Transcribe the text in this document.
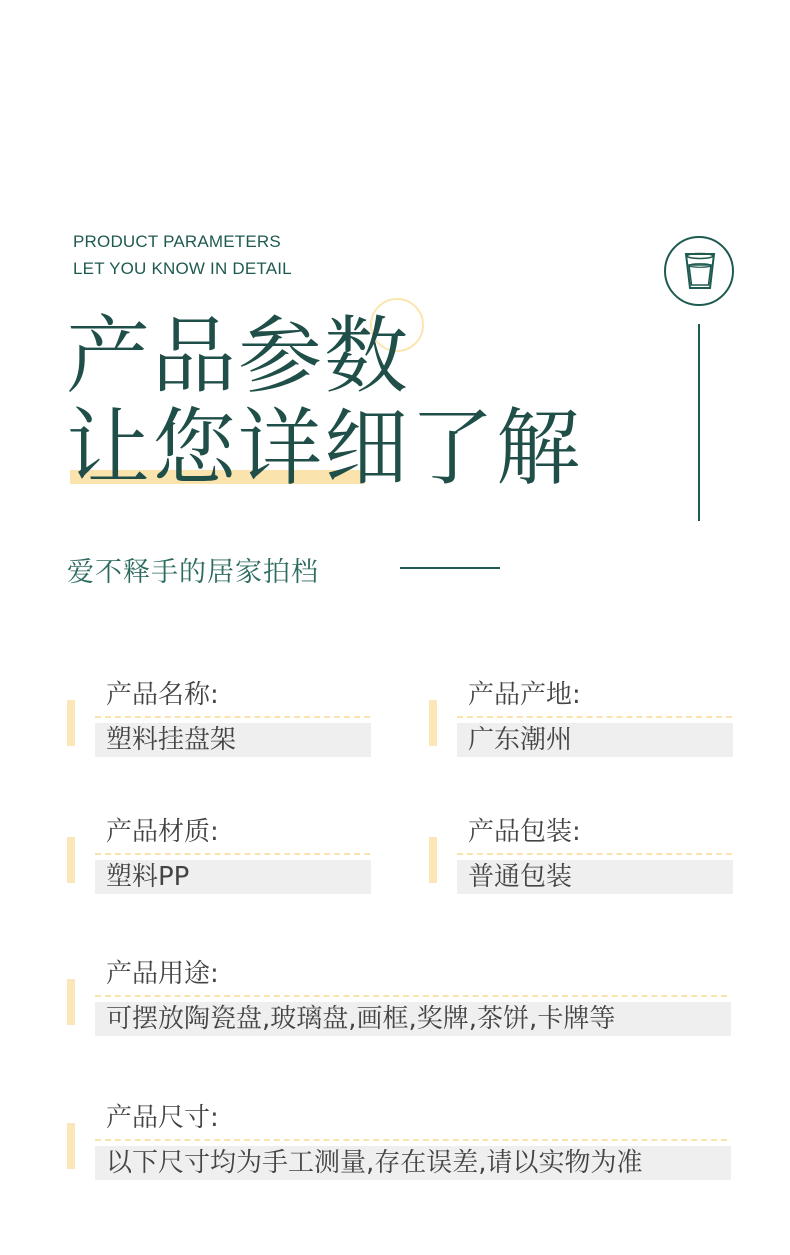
PRODUCT PARAMETERS
LET YOU KNOW IN DETAIL
产品参数
让您详细了解
爱不释手的居家拍档
产品名称:
塑料挂盘架
产品产地:
广东潮州
产品材质:
塑料PP
产品包装:
普通包装
产品用途:
可摆放陶瓷盘,玻璃盘,画框,奖牌,茶饼,卡牌等
产品尺寸:
以下尺寸均为手工测量,存在误差,请以实物为准
